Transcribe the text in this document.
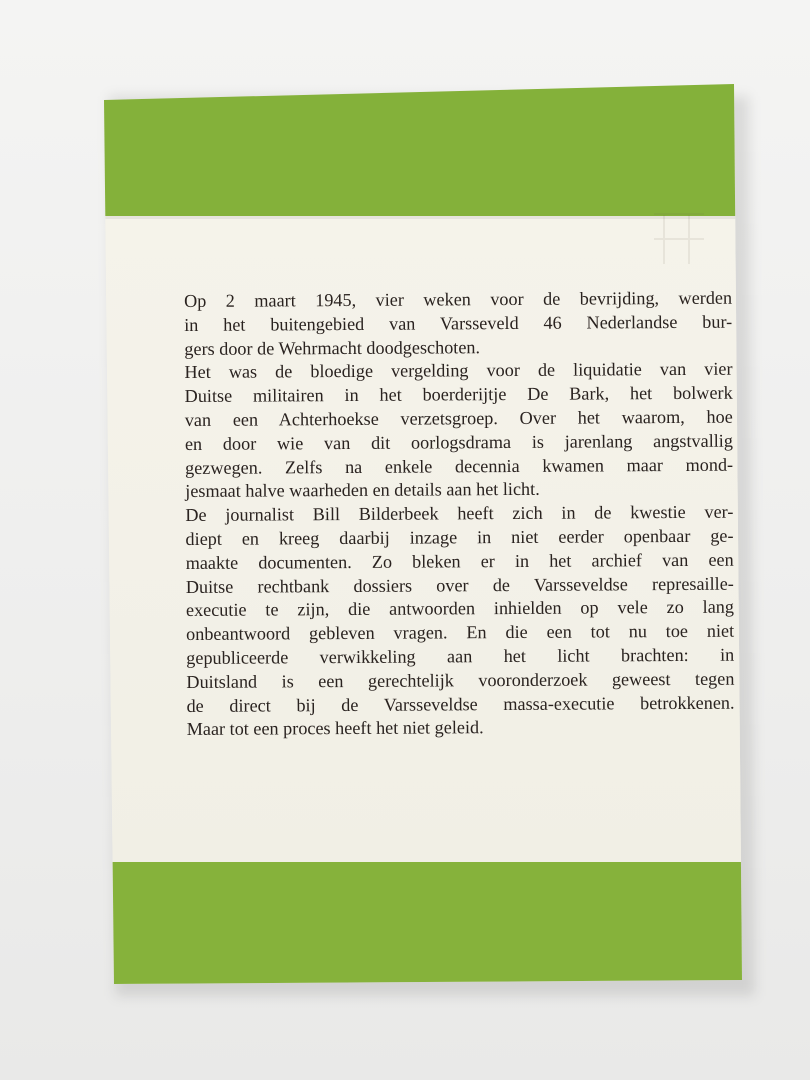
Op 2 maart 1945, vier weken voor de bevrijding, werden
in het buitengebied van Varsseveld 46 Nederlandse bur-
gers door de Wehrmacht doodgeschoten.
Het was de bloedige vergelding voor de liquidatie van vier
Duitse militairen in het boerderijtje De Bark, het bolwerk
van een Achterhoekse verzetsgroep. Over het waarom, hoe
en door wie van dit oorlogsdrama is jarenlang angstvallig
gezwegen. Zelfs na enkele decennia kwamen maar mond-
jesmaat halve waarheden en details aan het licht.
De journalist Bill Bilderbeek heeft zich in de kwestie ver-
diept en kreeg daarbij inzage in niet eerder openbaar ge-
maakte documenten. Zo bleken er in het archief van een
Duitse rechtbank dossiers over de Varsseveldse represaille-
executie te zijn, die antwoorden inhielden op vele zo lang
onbeantwoord gebleven vragen. En die een tot nu toe niet
gepubliceerde verwikkeling aan het licht brachten: in
Duitsland is een gerechtelijk vooronderzoek geweest tegen
de direct bij de Varsseveldse massa-executie betrokkenen.
Maar tot een proces heeft het niet geleid.
